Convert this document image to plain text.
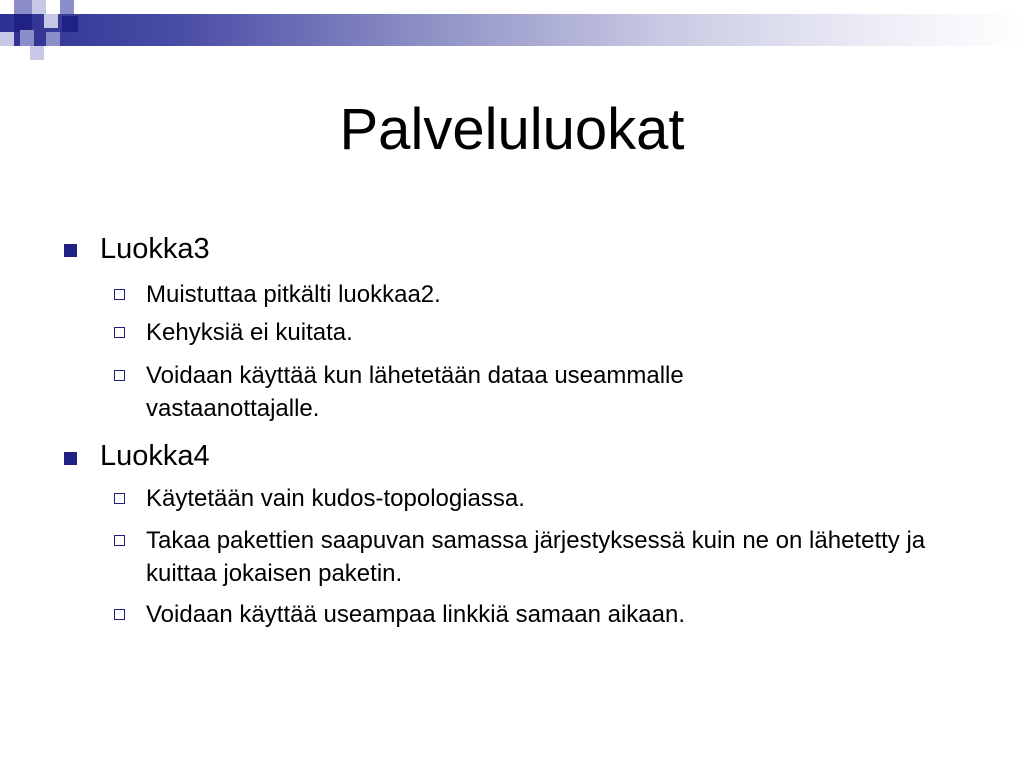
Palveluluokat
Luokka3
Muistuttaa pitkälti luokkaa2.
Kehyksiä ei kuitata.
Voidaan käyttää kun lähetetään dataa useammalle vastaanottajalle.
Luokka4
Käytetään vain kudos-topologiassa.
Takaa pakettien saapuvan samassa järjestyksessä kuin ne on lähetetty ja kuittaa jokaisen paketin.
Voidaan käyttää useampaa linkkiä samaan aikaan.
